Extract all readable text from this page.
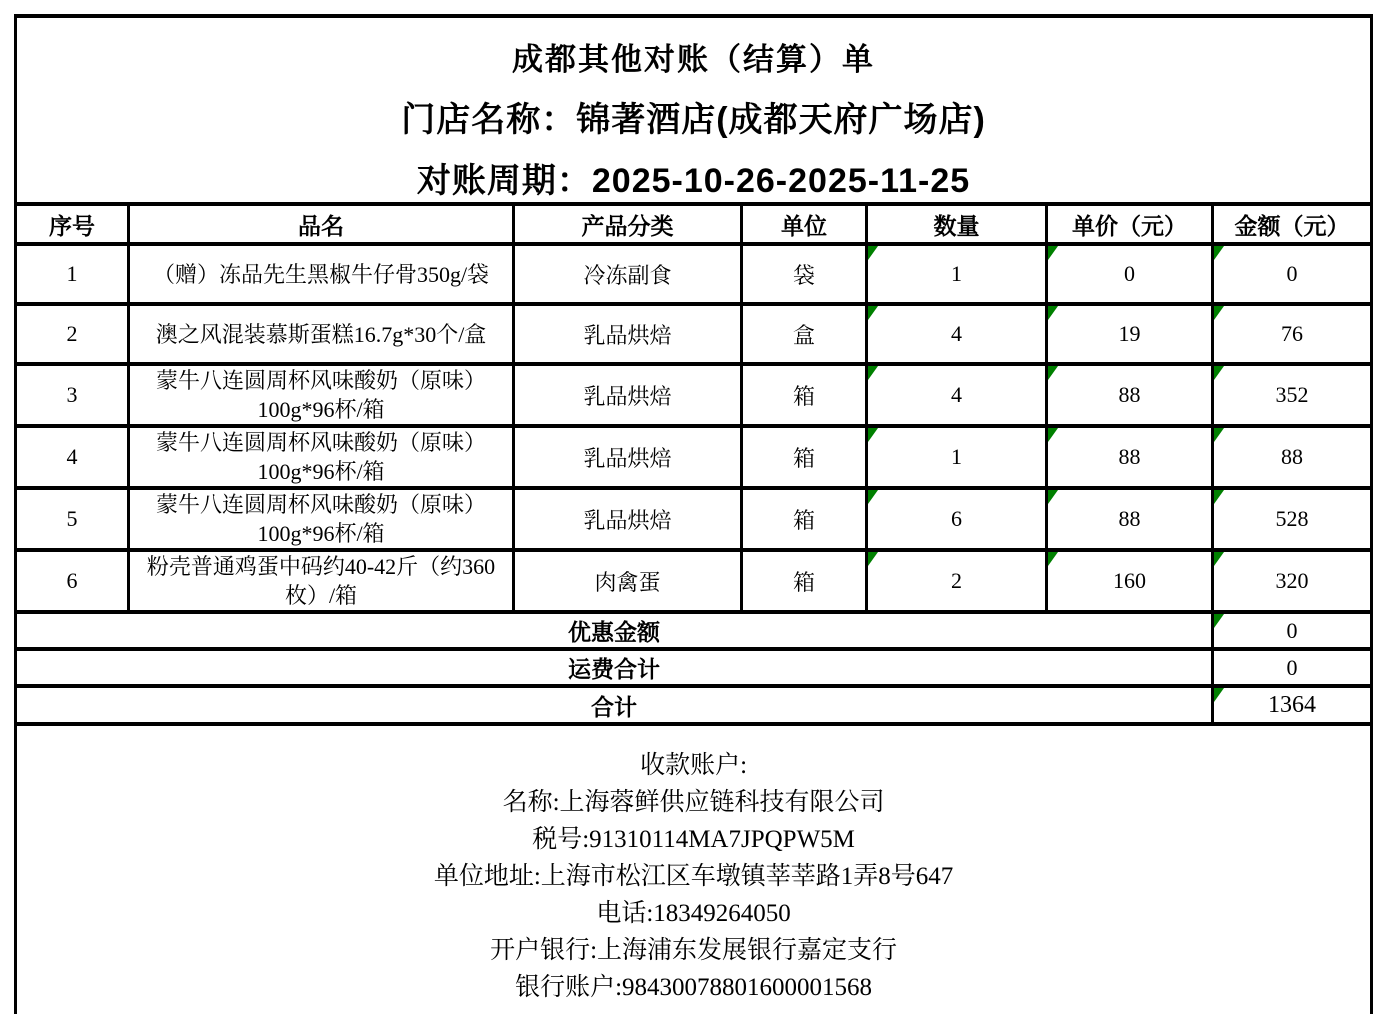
成都其他对账（结算）单
门店名称：锦著酒店(成都天府广场店)
对账周期：2025-10-26-2025-11-25						

序号	品名	产品分类	单位	数量	单价（元）	金额（元）
1	（赠）冻品先生黑椒牛仔骨350g/袋	冷冻副食	袋	1	0	0
2	澳之风混装慕斯蛋糕16.7g*30个/盒	乳品烘焙	盒	4	19	76
3	蒙牛八连圆周杯风味酸奶（原味）100g*96杯/箱	乳品烘焙	箱	4	88	352
4	蒙牛八连圆周杯风味酸奶（原味）100g*96杯/箱	乳品烘焙	箱	1	88	88
5	蒙牛八连圆周杯风味酸奶（原味）100g*96杯/箱	乳品烘焙	箱	6	88	528
6	粉壳普通鸡蛋中码约40-42斤（约360枚）/箱	肉禽蛋	箱	2	160	320
优惠金额						0
运费合计						0
合计						1364

收款账户:
名称:上海蓉鲜供应链科技有限公司
税号:91310114MA7JPQPW5M
单位地址:上海市松江区车墩镇莘莘路1弄8号647
电话:18349264050
开户银行:上海浦东发展银行嘉定支行
银行账户:98430078801600001568
